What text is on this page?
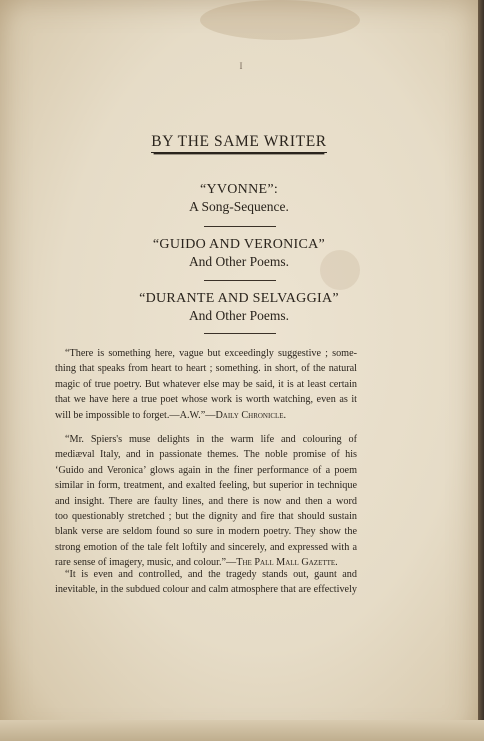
I
BY THE SAME WRITER
“YVONNE”:
A Song-Sequence.
“GUIDO AND VERONICA”
And Other Poems.
“DURANTE AND SELVAGGIA”
And Other Poems.
“There is something here, vague but exceedingly suggestive ; some-
thing that speaks from heart to heart ; something. in short, of the natural
magic of true poetry. But whatever else may be said, it is at least certain
that we have here a true poet whose work is worth watching, even as it
will be impossible to forget.—A.W.”—Daily Chronicle.
“Mr. Spiers's muse delights in the warm life and colouring of
mediæval Italy, and in passionate themes. The noble promise of his
‘Guido and Veronica’ glows again in the finer performance of a poem
similar in form, treatment, and exalted feeling, but superior in technique
and insight. There are faulty lines, and there is now and then a word
too questionably stretched ; but the dignity and fire that should sustain
blank verse are seldom found so sure in modern poetry. They show the
strong emotion of the tale felt loftily and sincerely, and expressed with a
rare sense of imagery, music, and colour.”—The Pall Mall Gazette.
“It is even and controlled, and the tragedy stands out, gaunt and
inevitable, in the subdued colour and calm atmosphere that are effectively
